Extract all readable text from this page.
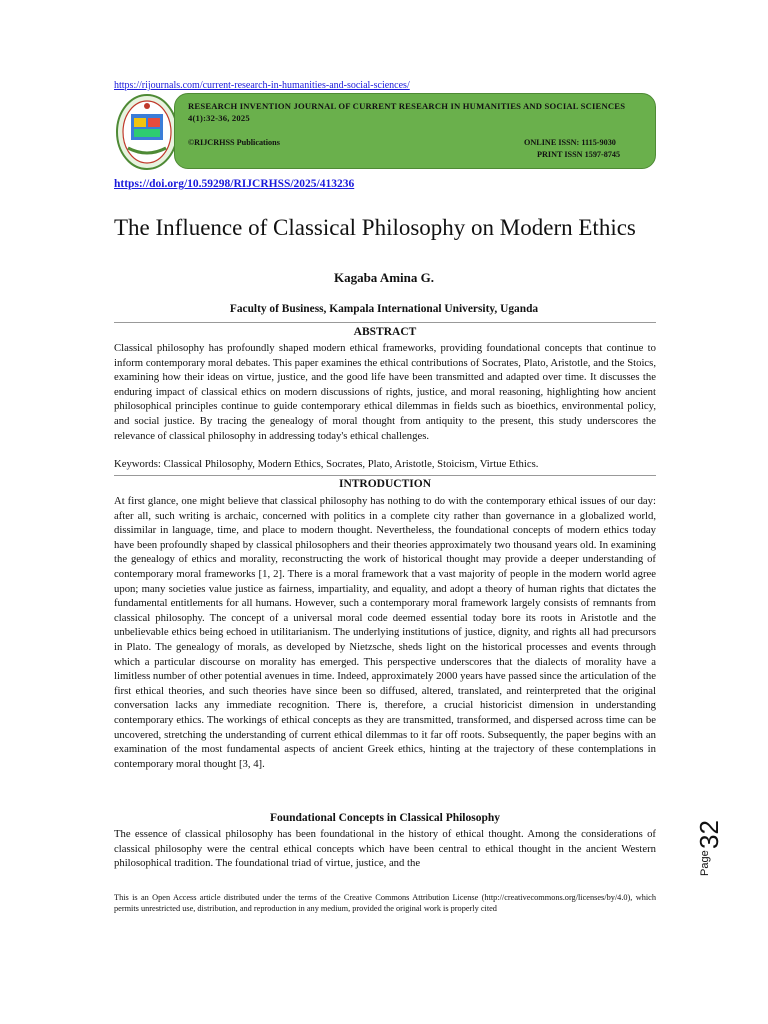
https://rijournals.com/current-research-in-humanities-and-social-sciences/
RESEARCH INVENTION JOURNAL OF CURRENT RESEARCH IN HUMANITIES AND SOCIAL SCIENCES 4(1):32-36, 2025
©RIJCRHSS Publications	ONLINE ISSN: 1115-9030
PRINT ISSN 1597-8745
https://doi.org/10.59298/RIJCRHSS/2025/413236
The Influence of Classical Philosophy on Modern Ethics
Kagaba Amina G.
Faculty of Business, Kampala International University, Uganda
ABSTRACT
Classical philosophy has profoundly shaped modern ethical frameworks, providing foundational concepts that continue to inform contemporary moral debates. This paper examines the ethical contributions of Socrates, Plato, Aristotle, and the Stoics, examining how their ideas on virtue, justice, and the good life have been transmitted and adapted over time. It discusses the enduring impact of classical ethics on modern discussions of rights, justice, and moral reasoning, highlighting how ancient philosophical principles continue to guide contemporary ethical dilemmas in fields such as bioethics, environmental policy, and social justice. By tracing the genealogy of moral thought from antiquity to the present, this study underscores the relevance of classical philosophy in addressing today's ethical challenges.
Keywords: Classical Philosophy, Modern Ethics, Socrates, Plato, Aristotle, Stoicism, Virtue Ethics.
INTRODUCTION
At first glance, one might believe that classical philosophy has nothing to do with the contemporary ethical issues of our day: after all, such writing is archaic, concerned with politics in a complete city rather than governance in a globalized world, dissimilar in language, time, and place to modern thought. Nevertheless, the foundational concepts of modern ethics today have been profoundly shaped by classical philosophers and their theories approximately two thousand years old. In examining the genealogy of ethics and morality, reconstructing the work of historical thought may provide a deeper understanding of contemporary moral frameworks [1, 2]. There is a moral framework that a vast majority of people in the modern world agree upon; many societies value justice as fairness, impartiality, and equality, and adopt a theory of human rights that dictates the fundamental entitlements for all humans. However, such a contemporary moral framework largely consists of remnants from classical philosophy. The concept of a universal moral code deemed essential today bore its roots in Aristotle and the unbelievable ethics being echoed in utilitarianism. The underlying institutions of justice, dignity, and rights all had precursors in Plato. The genealogy of morals, as developed by Nietzsche, sheds light on the historical processes and events through which a particular discourse on morality has emerged. This perspective underscores that the dialects of morality have a limitless number of other potential avenues in time. Indeed, approximately 2000 years have passed since the articulation of the first ethical theories, and such theories have since been so diffused, altered, translated, and reinterpreted that the original conversation lacks any immediate recognition. There is, therefore, a crucial historicist dimension in understanding contemporary ethics. The workings of ethical concepts as they are transmitted, transformed, and dispersed across time can be uncovered, stretching the understanding of current ethical dilemmas to it far off roots. Subsequently, the paper begins with an examination of the most fundamental aspects of ancient Greek ethics, hinting at the trajectory of these contemplations in contemporary moral thought [3, 4].
Foundational Concepts in Classical Philosophy
The essence of classical philosophy has been foundational in the history of ethical thought. Among the considerations of classical philosophy were the central ethical concepts which have been central to ethical thought in the ancient Western philosophical tradition. The foundational triad of virtue, justice, and the
This is an Open Access article distributed under the terms of the Creative Commons Attribution License (http://creativecommons.org/licenses/by/4.0), which permits unrestricted use, distribution, and reproduction in any medium, provided the original work is properly cited
Page
32
